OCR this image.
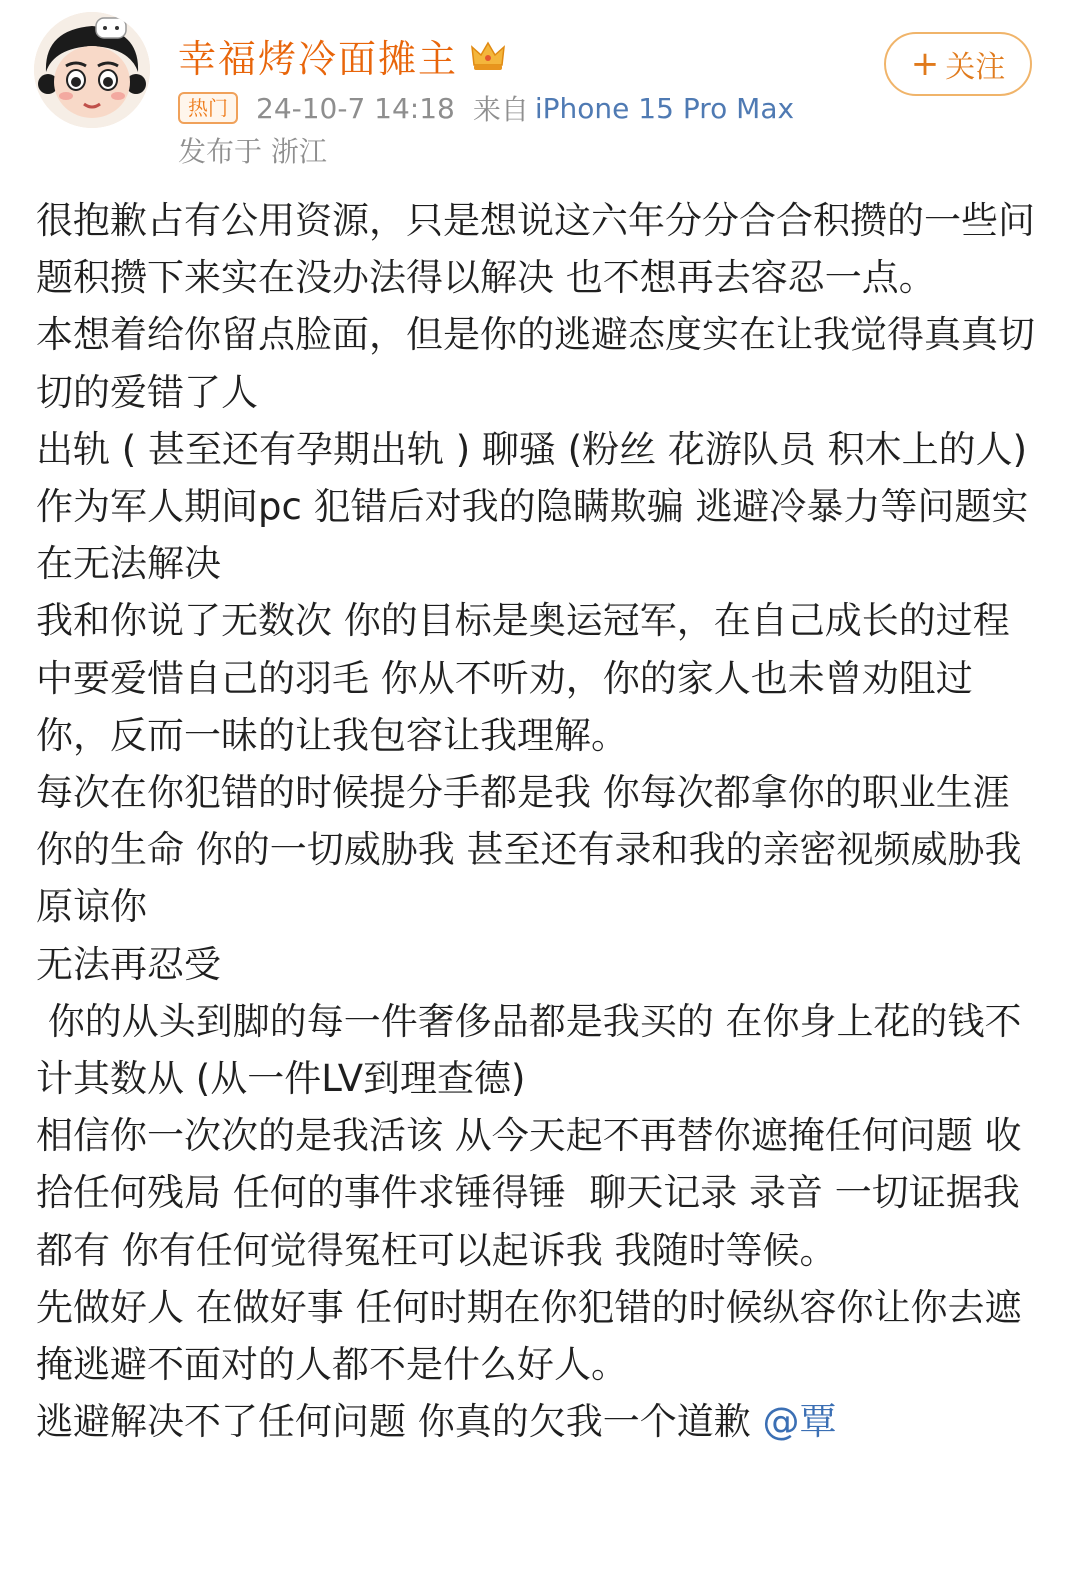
幸福烤冷面摊主
热门	24-10-7 14:18 来自 iPhone 15 Pro Max
发布于 浙江
+ 关注

很抱歉占有公用资源，只是想说这六年分分合合积攒的一些问题积攒下来实在没办法得以解决 也不想再去容忍一点。

本想着给你留点脸面，但是你的逃避态度实在让我觉得真真切切的爱错了人

出轨 ( 甚至还有孕期出轨 ) 聊骚 (粉丝 花游队员 积木上的人)  作为军人期间pc 犯错后对我的隐瞒欺骗 逃避冷暴力等问题实在无法解决

我和你说了无数次 你的目标是奥运冠军，在自己成长的过程中要爱惜自己的羽毛 你从不听劝，你的家人也未曾劝阻过你，反而一昧的让我包容让我理解。

每次在你犯错的时候提分手都是我 你每次都拿你的职业生涯你的生命 你的一切威胁我 甚至还有录和我的亲密视频威胁我原谅你

无法再忍受

你的从头到脚的每一件奢侈品都是我买的 在你身上花的钱不计其数从 (从一件LV到理查德)

相信你一次次的是我活该 从今天起不再替你遮掩任何问题 收拾任何残局 任何的事件求锤得锤  聊天记录 录音 一切证据我都有 你有任何觉得冤枉可以起诉我 我随时等候。

先做好人 在做好事 任何时期在你犯错的时候纵容你让你去遮掩逃避不面对的人都不是什么好人。

逃避解决不了任何问题 你真的欠我一个道歉 @覃
